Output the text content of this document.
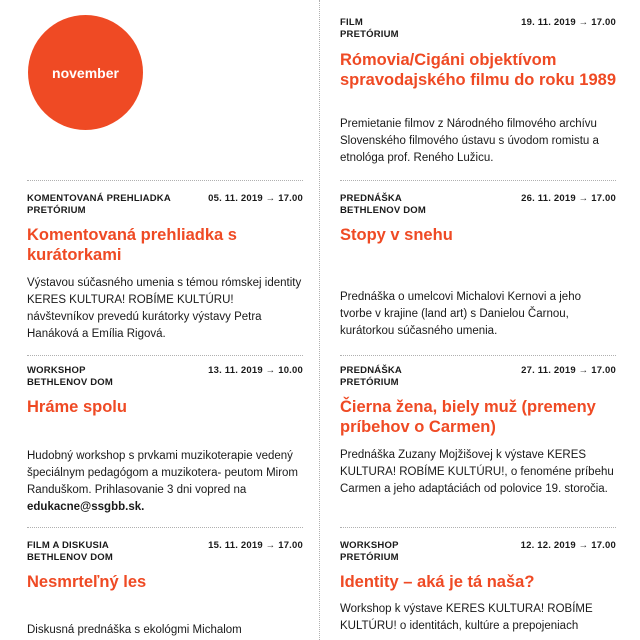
november
KOMENTOVANÁ PREHLIADKA
PRETÓRIUM
05. 11. 2019 → 17.00
Komentovaná prehliadka s kurátorkami
Výstavou súčasného umenia s témou rómskej identity KERES KULTURA! ROBÍME KULTÚRU! návštevníkov prevedú kurátorky výstavy Petra Hanáková a Emília Rigová.
WORKSHOP
BETHLENOV DOM
13. 11. 2019 → 10.00
Hráme spolu
Hudobný workshop s prvkami muzikoterapie vedený špeciálnym pedagógom a muzikotera- peutom Mirom Randuškom. Prihlasovanie 3 dni vopred na edukacne@ssgbb.sk.
FILM A DISKUSIA
BETHLENOV DOM
15. 11. 2019 → 17.00
Nesmrteľný les
Diskusná prednáška s ekológmi Michalom
FILM
PRETÓRIUM
19. 11. 2019 → 17.00
Rómovia/Cigáni objektívom spravodajského filmu do roku 1989
Premietanie filmov z Národného filmového archívu Slovenského filmového ústavu s úvodom romistu a etnológa prof. Reného Lužicu.
PREDNÁŠKA
BETHLENOV DOM
26. 11. 2019 → 17.00
Stopy v snehu
Prednáška o umelcovi Michalovi Kernovi a jeho tvorbe v krajine (land art) s Danielou Čarnou, kurátorkou súčasného umenia.
PREDNÁŠKA
PRETÓRIUM
27. 11. 2019 → 17.00
Čierna žena, biely muž (premeny príbehov o Carmen)
Prednáška Zuzany Mojžišovej k výstave KERES KULTURA! ROBÍME KULTÚRU!, o fenoméne príbehu Carmen a jeho adaptáciách od polovice 19. storočia.
WORKSHOP
PRETÓRIUM
12. 12. 2019 → 17.00
Identity – aká je tá naša?
Workshop k výstave KERES KULTURA! ROBÍME KULTÚRU! o identitách, kultúre a prepojeniach
